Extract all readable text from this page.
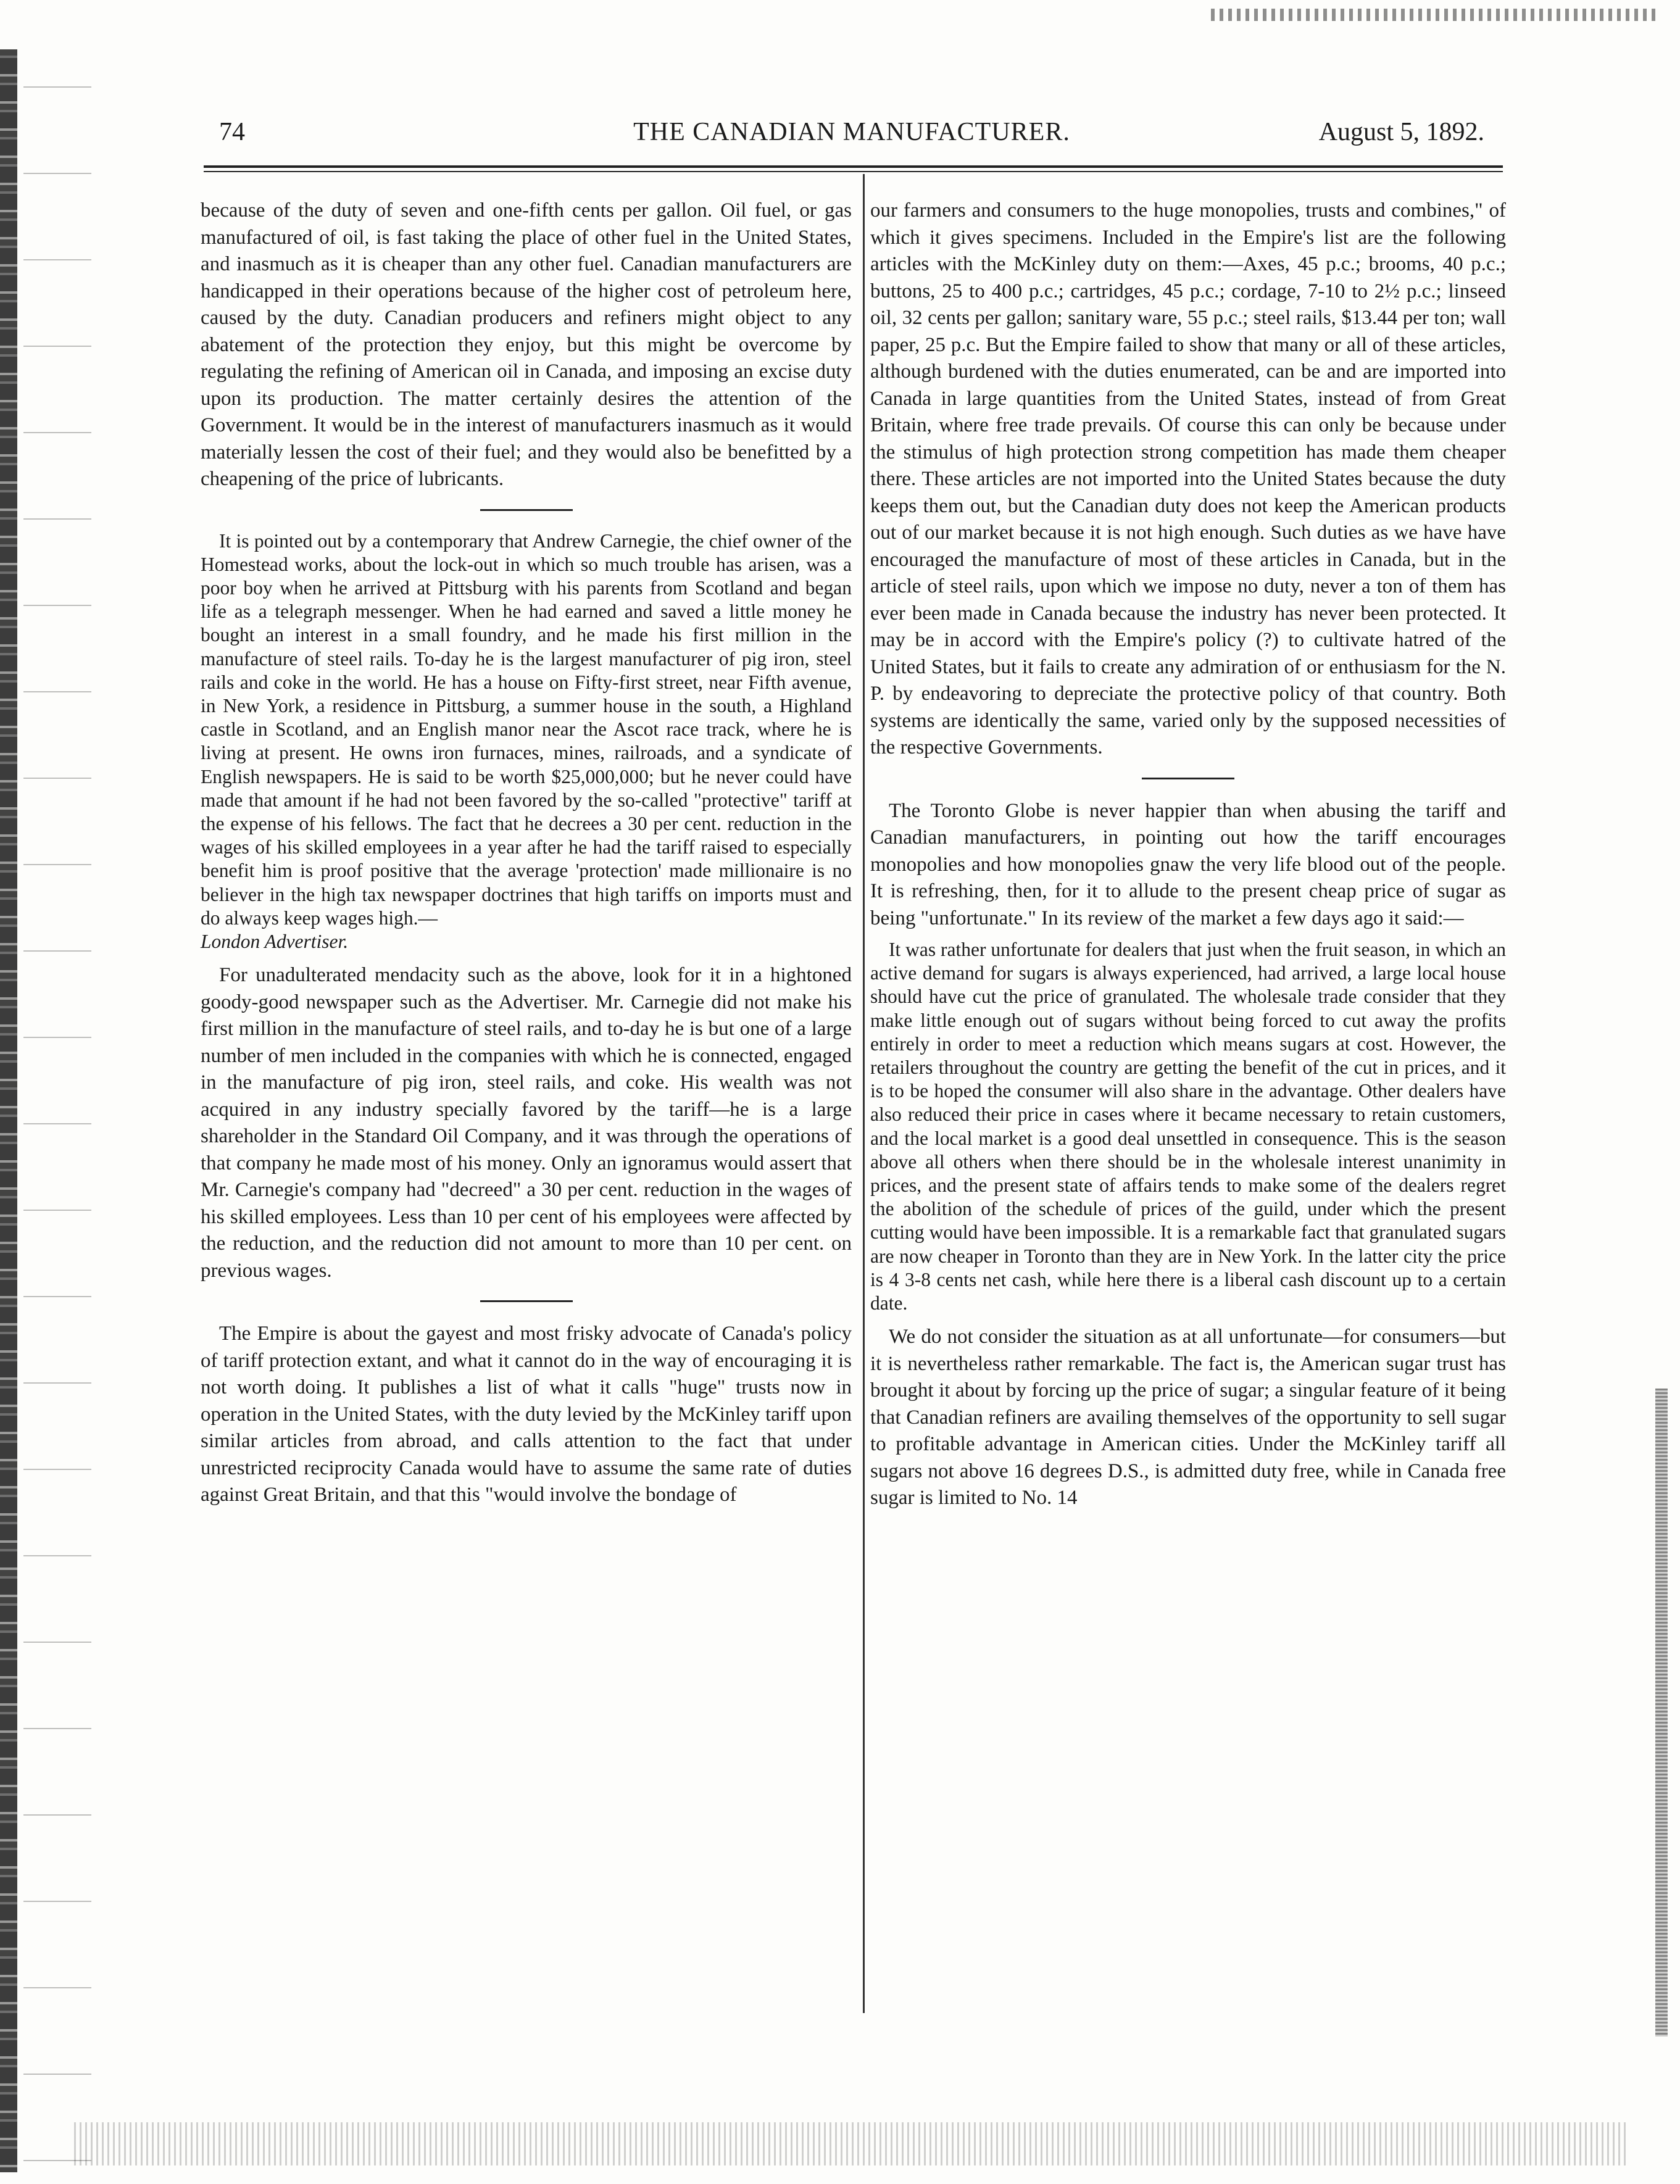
74	THE CANADIAN MANUFACTURER.	August 5, 1892.

because of the duty of seven and one-fifth cents per gallon. Oil fuel, or gas manufactured of oil, is fast taking the place of other fuel in the United States, and inasmuch as it is cheaper than any other fuel. Canadian manufacturers are handicapped in their operations because of the higher cost of petroleum here, caused by the duty. Canadian producers and refiners might object to any abatement of the protection they enjoy, but this might be overcome by regulating the refining of American oil in Canada, and imposing an excise duty upon its production. The matter certainly desires the attention of the Government. It would be in the interest of manufacturers inasmuch as it would materially lessen the cost of their fuel; and they would also be benefitted by a cheapening of the price of lubricants.

It is pointed out by a contemporary that Andrew Carnegie, the chief owner of the Homestead works, about the lock-out in which so much trouble has arisen, was a poor boy when he arrived at Pittsburg with his parents from Scotland and began life as a telegraph messenger. When he had earned and saved a little money he bought an interest in a small foundry, and he made his first million in the manufacture of steel rails. To-day he is the largest manufacturer of pig iron, steel rails and coke in the world. He has a house on Fifty-first street, near Fifth avenue, in New York, a residence in Pittsburg, a summer house in the south, a Highland castle in Scotland, and an English manor near the Ascot race track, where he is living at present. He owns iron furnaces, mines, railroads, and a syndicate of English newspapers. He is said to be worth $25,000,000; but he never could have made that amount if he had not been favored by the so-called "protective" tariff at the expense of his fellows. The fact that he decrees a 30 per cent. reduction in the wages of his skilled employees in a year after he had the tariff raised to especially benefit him is proof positive that the average 'protection' made millionaire is no believer in the high tax newspaper doctrines that high tariffs on imports must and do always keep wages high.—

London Advertiser.

For unadulterated mendacity such as the above, look for it in a hightoned goody-good newspaper such as the Advertiser. Mr. Carnegie did not make his first million in the manufacture of steel rails, and to-day he is but one of a large number of men included in the companies with which he is connected, engaged in the manufacture of pig iron, steel rails, and coke. His wealth was not acquired in any industry specially favored by the tariff—he is a large shareholder in the Standard Oil Company, and it was through the operations of that company he made most of his money. Only an ignoramus would assert that Mr. Carnegie's company had "decreed" a 30 per cent. reduction in the wages of his skilled employees. Less than 10 per cent of his employees were affected by the reduction, and the reduction did not amount to more than 10 per cent. on previous wages.

The Empire is about the gayest and most frisky advocate of Canada's policy of tariff protection extant, and what it cannot do in the way of encouraging it is not worth doing. It publishes a list of what it calls "huge" trusts now in operation in the United States, with the duty levied by the McKinley tariff upon similar articles from abroad, and calls attention to the fact that under unrestricted reciprocity Canada would have to assume the same rate of duties against Great Britain, and that this "would involve the bondage of

our farmers and consumers to the huge monopolies, trusts and combines," of which it gives specimens. Included in the Empire's list are the following articles with the McKinley duty on them:—Axes, 45 p.c.; brooms, 40 p.c.; buttons, 25 to 400 p.c.; cartridges, 45 p.c.; cordage, 7-10 to 2½ p.c.; linseed oil, 32 cents per gallon; sanitary ware, 55 p.c.; steel rails, $13.44 per ton; wall paper, 25 p.c. But the Empire failed to show that many or all of these articles, although burdened with the duties enumerated, can be and are imported into Canada in large quantities from the United States, instead of from Great Britain, where free trade prevails. Of course this can only be because under the stimulus of high protection strong competition has made them cheaper there. These articles are not imported into the United States because the duty keeps them out, but the Canadian duty does not keep the American products out of our market because it is not high enough. Such duties as we have have encouraged the manufacture of most of these articles in Canada, but in the article of steel rails, upon which we impose no duty, never a ton of them has ever been made in Canada because the industry has never been protected. It may be in accord with the Empire's policy (?) to cultivate hatred of the United States, but it fails to create any admiration of or enthusiasm for the N. P. by endeavoring to depreciate the protective policy of that country. Both systems are identically the same, varied only by the supposed necessities of the respective Governments.

The Toronto Globe is never happier than when abusing the tariff and Canadian manufacturers, in pointing out how the tariff encourages monopolies and how monopolies gnaw the very life blood out of the people. It is refreshing, then, for it to allude to the present cheap price of sugar as being "unfortunate." In its review of the market a few days ago it said:—

It was rather unfortunate for dealers that just when the fruit season, in which an active demand for sugars is always experienced, had arrived, a large local house should have cut the price of granulated. The wholesale trade consider that they make little enough out of sugars without being forced to cut away the profits entirely in order to meet a reduction which means sugars at cost. However, the retailers throughout the country are getting the benefit of the cut in prices, and it is to be hoped the consumer will also share in the advantage. Other dealers have also reduced their price in cases where it became necessary to retain customers, and the local market is a good deal unsettled in consequence. This is the season above all others when there should be in the wholesale interest unanimity in prices, and the present state of affairs tends to make some of the dealers regret the abolition of the schedule of prices of the guild, under which the present cutting would have been impossible. It is a remarkable fact that granulated sugars are now cheaper in Toronto than they are in New York. In the latter city the price is 4 3-8 cents net cash, while here there is a liberal cash discount up to a certain date.

We do not consider the situation as at all unfortunate—for consumers—but it is nevertheless rather remarkable. The fact is, the American sugar trust has brought it about by forcing up the price of sugar; a singular feature of it being that Canadian refiners are availing themselves of the opportunity to sell sugar to profitable advantage in American cities. Under the McKinley tariff all sugars not above 16 degrees D.S., is admitted duty free, while in Canada free sugar is limited to No. 14
